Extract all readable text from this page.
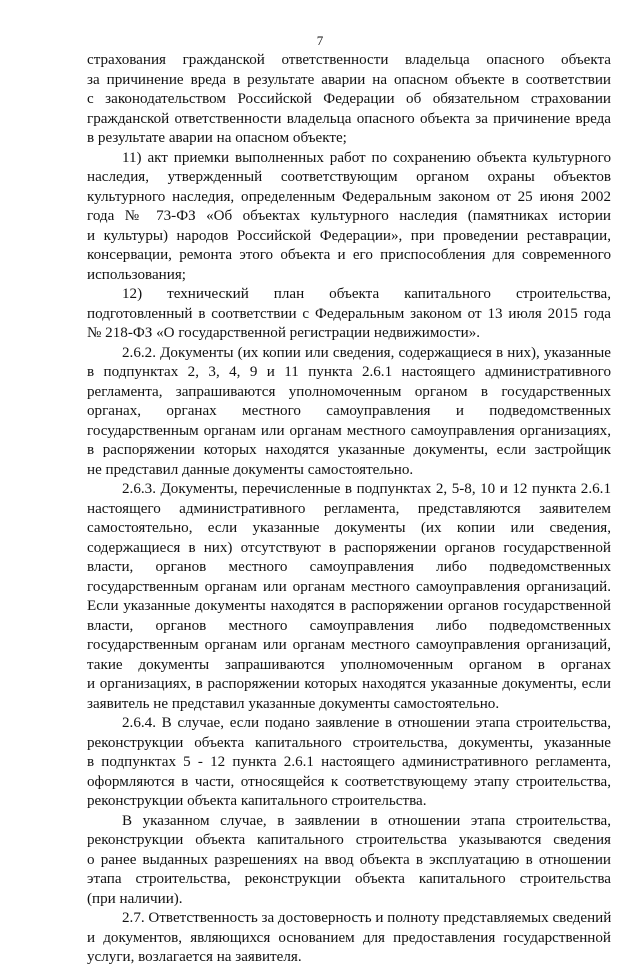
7
страхования гражданской ответственности владельца опасного объекта
за причинение вреда в результате аварии на опасном объекте в соответствии
с законодательством Российской Федерации об обязательном страховании
гражданской ответственности владельца опасного объекта за причинение вреда
в результате аварии на опасном объекте;
11) акт приемки выполненных работ по сохранению объекта культурного
наследия, утвержденный соответствующим органом охраны объектов
культурного наследия, определенным Федеральным законом от 25 июня 2002
года № 73-ФЗ «Об объектах культурного наследия (памятниках истории
и культуры) народов Российской Федерации», при проведении реставрации,
консервации, ремонта этого объекта и его приспособления для современного
использования;
12) технический план объекта капитального строительства,
подготовленный в соответствии с Федеральным законом от 13 июля 2015 года
№ 218-ФЗ «О государственной регистрации недвижимости».
2.6.2. Документы (их копии или сведения, содержащиеся в них), указанные
в подпунктах 2, 3, 4, 9 и 11 пункта 2.6.1 настоящего административного
регламента, запрашиваются уполномоченным органом в государственных
органах, органах местного самоуправления и подведомственных
государственным органам или органам местного самоуправления организациях,
в распоряжении которых находятся указанные документы, если застройщик
не представил данные документы самостоятельно.
2.6.3. Документы, перечисленные в подпунктах 2, 5-8, 10 и 12 пункта 2.6.1
настоящего административного регламента, представляются заявителем
самостоятельно, если указанные документы (их копии или сведения,
содержащиеся в них) отсутствуют в распоряжении органов государственной
власти, органов местного самоуправления либо подведомственных
государственным органам или органам местного самоуправления организаций.
Если указанные документы находятся в распоряжении органов государственной
власти, органов местного самоуправления либо подведомственных
государственным органам или органам местного самоуправления организаций,
такие документы запрашиваются уполномоченным органом в органах
и организациях, в распоряжении которых находятся указанные документы, если
заявитель не представил указанные документы самостоятельно.
2.6.4. В случае, если подано заявление в отношении этапа строительства,
реконструкции объекта капитального строительства, документы, указанные
в подпунктах 5 - 12 пункта 2.6.1 настоящего административного регламента,
оформляются в части, относящейся к соответствующему этапу строительства,
реконструкции объекта капитального строительства.
В указанном случае, в заявлении в отношении этапа строительства,
реконструкции объекта капитального строительства указываются сведения
о ранее выданных разрешениях на ввод объекта в эксплуатацию в отношении
этапа строительства, реконструкции объекта капитального строительства
(при наличии).
2.7. Ответственность за достоверность и полноту представляемых сведений
и документов, являющихся основанием для предоставления государственной
услуги, возлагается на заявителя.
